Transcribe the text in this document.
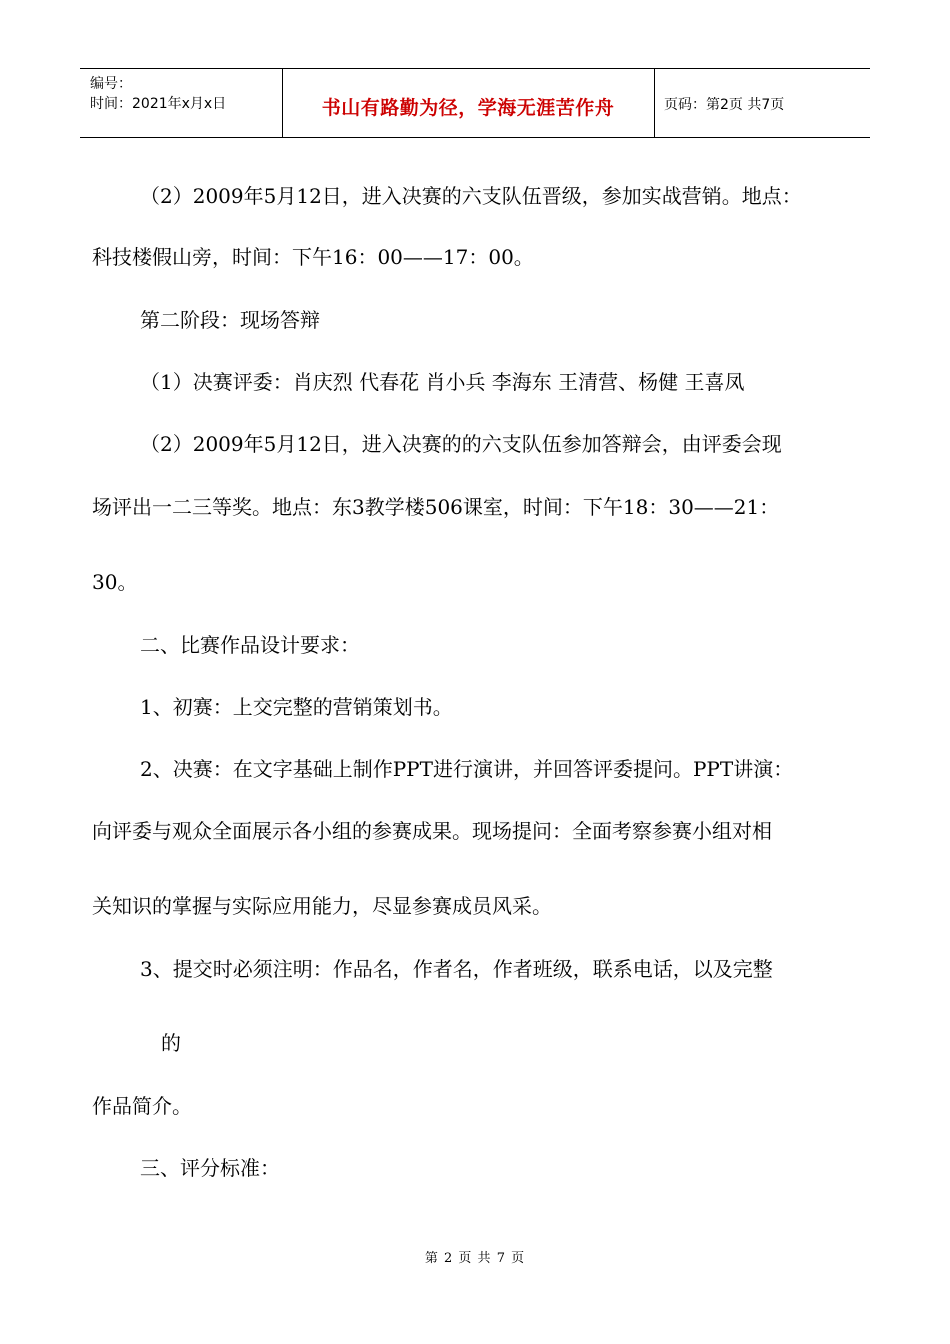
编号：
时间：2021年x月x日	书山有路勤为径，学海无涯苦作舟	页码：第2页 共7页
（2）2009年5月12日，进入决赛的六支队伍晋级，参加实战营销。地点：
科技楼假山旁，时间：下午16：00——17：00。
第二阶段：现场答辩
（1）决赛评委：肖庆烈 代春花 肖小兵 李海东 王清营、杨健 王喜凤
（2）2009年5月12日，进入决赛的的六支队伍参加答辩会，由评委会现
场评出一二三等奖。地点：东3教学楼506课室，时间：下午18：30——21：
30。
二、比赛作品设计要求：
1、初赛：上交完整的营销策划书。
2、决赛：在文字基础上制作PPT进行演讲，并回答评委提问。PPT讲演：
向评委与观众全面展示各小组的参赛成果。现场提问：全面考察参赛小组对相
关知识的掌握与实际应用能力，尽显参赛成员风采。
3、提交时必须注明：作品名，作者名，作者班级，联系电话，以及完整
的
作品简介。
三、评分标准：
第 2 页 共 7 页
